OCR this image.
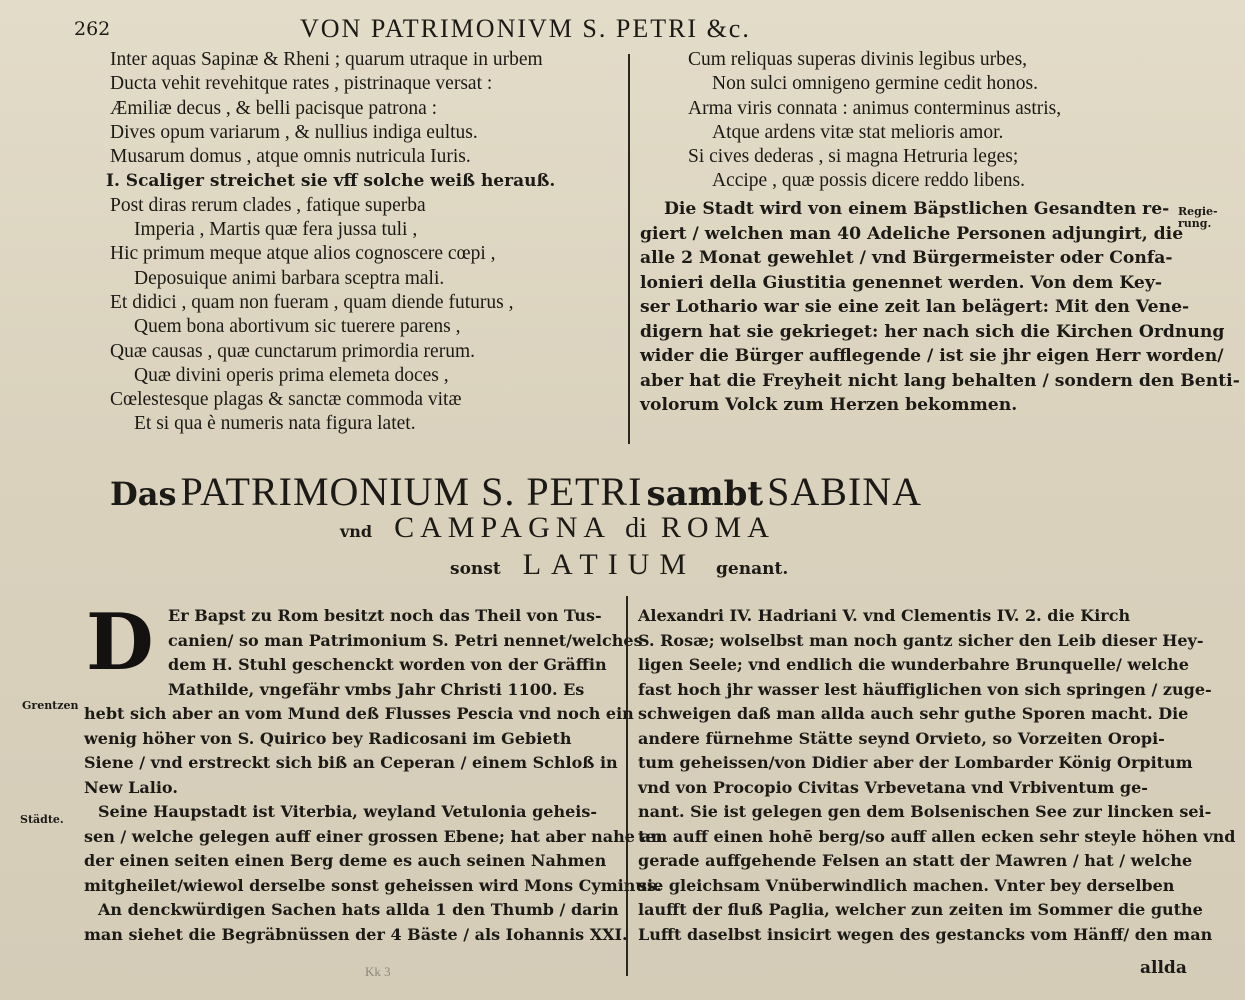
262	VON PATRIMONIVM S. PETRI &c.
Inter aquas Sapinæ & Rheni ; quarum utraque in urbem
Ducta vehit revehitque rates , pistrinaque versat :
Æmiliæ decus , & belli pacisque patrona :
Dives opum variarum , & nullius indiga eultus.
Musarum domus , atque omnis nutricula Iuris.
I. Scaliger streichet sie vff solche weiß herauß.
Post diras rerum clades , fatique superba
Imperia , Martis quæ fera jussa tuli ,
Hic primum meque atque alios cognoscere cœpi ,
Deposuique animi barbara sceptra mali.
Et didici , quam non fueram , quam diende futurus ,
Quem bona abortivum sic tuerere parens ,
Quæ causas , quæ cunctarum primordia rerum.
Quæ divini operis prima elemeta doces ,
Cœlestesque plagas & sanctæ commoda vitæ
Et si qua è numeris nata figura latet.
Cum reliquas superas divinis legibus urbes,
Non sulci omnigeno germine cedit honos.
Arma viris connata : animus conterminus astris,
Atque ardens vitæ stat melioris amor.
Si cives dederas , si magna Hetruria leges;
Accipe , quæ possis dicere reddo libens.
Die Stadt wird von einem Bäpstlichen Gesandten re-
giert / welchen man 40 Adeliche Personen adjungirt, die
alle 2 Monat gewehlet / vnd Bürgermeister oder Confa-
lonieri della Giustitia genennet werden. Von dem Key-
ser Lothario war sie eine zeit lan belägert: Mit den Vene-
digern hat sie gekrieget: her nach sich die Kirchen Ordnung
wider die Bürger aufflegende / ist sie jhr eigen Herr worden/
aber hat die Freyheit nicht lang behalten / sondern den Benti-
volorum Volck zum Herzen bekommen.
Regie-
rung.
Grentzen
Städte.
Das PATRIMONIUM S. PETRI sambt SABINA
vnd CAMPAGNA di ROMA
sonst LATIUM genant.
D Er Bapst zu Rom besitzt noch das Theil von Tus-
canien/ so man Patrimonium S. Petri nennet/welches
dem H. Stuhl geschenckt worden von der Gräffin
Mathilde, vngefähr vmbs Jahr Christi 1100. Es
hebt sich aber an vom Mund deß Flusses Pescia vnd noch ein
wenig höher von S. Quirico bey Radicosani im Gebieth
Siene / vnd erstreckt sich biß an Ceperan / einem Schloß in
New Lalio.
Seine Haupstadt ist Viterbia, weyland Vetulonia geheis-
sen / welche gelegen auff einer grossen Ebene; hat aber nahe an
der einen seiten einen Berg deme es auch seinen Nahmen
mitgheilet/wiewol derselbe sonst geheissen wird Mons Cyminus.
An denckwürdigen Sachen hats allda 1 den Thumb / darin
man siehet die Begräbnüssen der 4 Bäste / als Iohannis XXI.
Alexandri IV. Hadriani V. vnd Clementis IV. 2. die Kirch
S. Rosæ; wolselbst man noch gantz sicher den Leib dieser Hey-
ligen Seele; vnd endlich die wunderbahre Brunquelle/ welche
fast hoch jhr wasser lest häuffiglichen von sich springen / zuge-
schweigen daß man allda auch sehr guthe Sporen macht. Die
andere fürnehme Stätte seynd Orvieto, so Vorzeiten Oropi-
tum geheissen/von Didier aber der Lombarder König Orpitum
vnd von Procopio Civitas Vrbevetana vnd Vrbiventum ge-
nant. Sie ist gelegen gen dem Bolsenischen See zur lincken sei-
ten auff einen hohē berg/so auff allen ecken sehr steyle höhen vnd
gerade auffgehende Felsen an statt der Mawren / hat / welche
sie gleichsam Vnüberwindlich machen. Vnter bey derselben
laufft der fluß Paglia, welcher zun zeiten im Sommer die guthe
Lufft daselbst insicirt wegen des gestancks vom Hänff/ den man
Kk 3	allda
